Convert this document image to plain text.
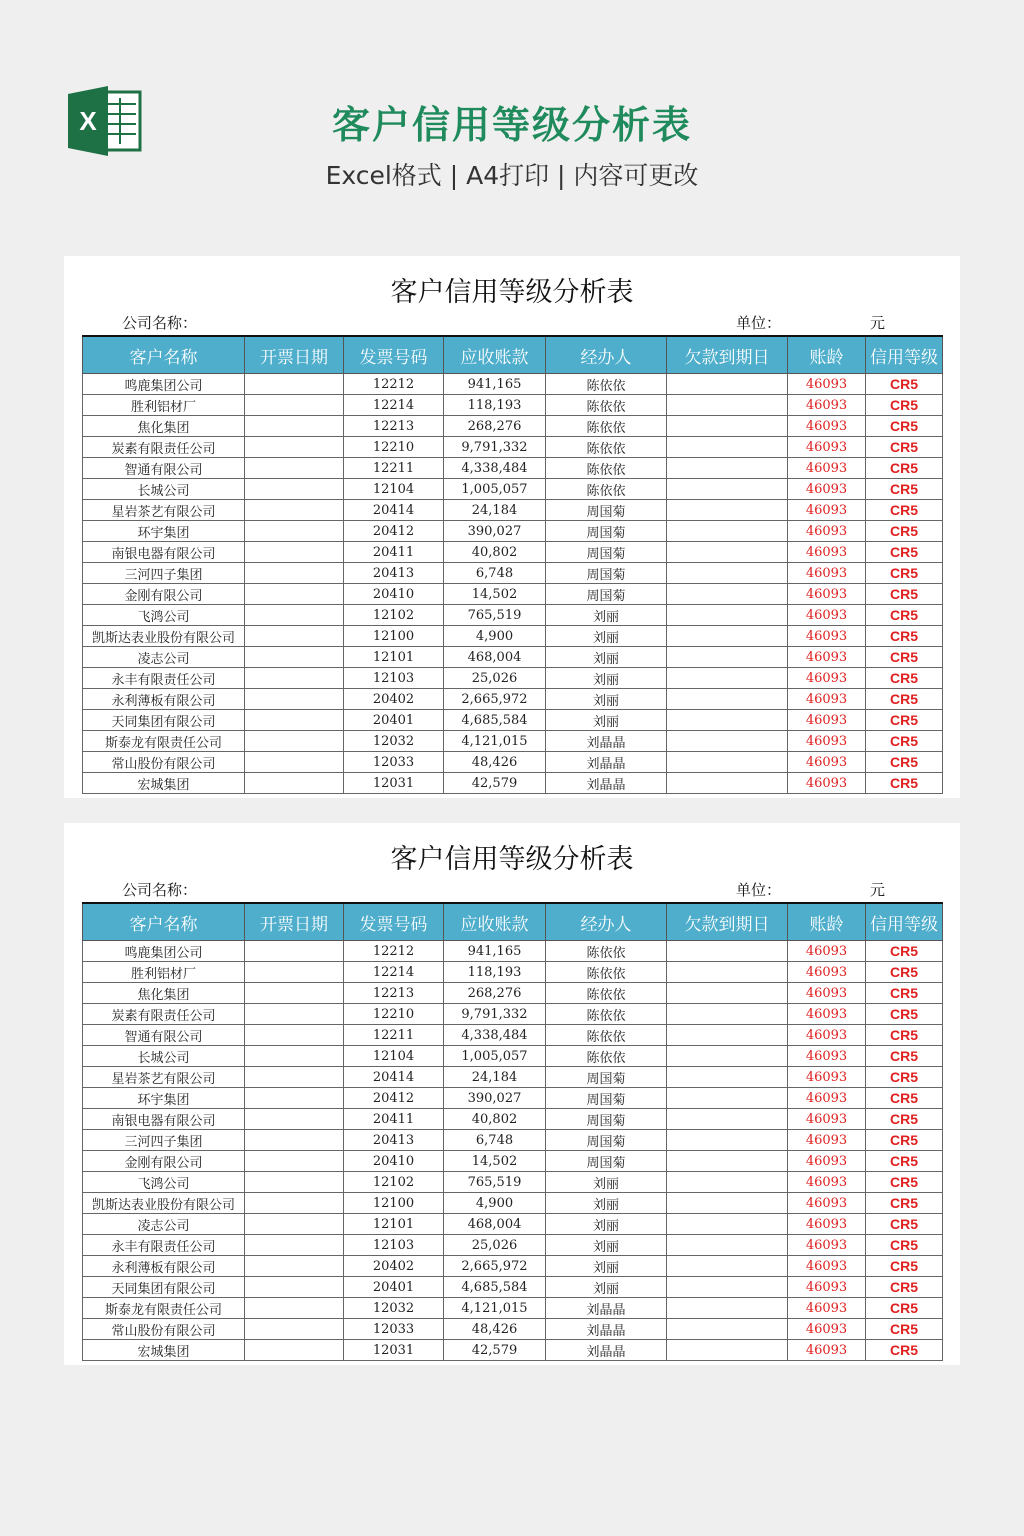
X	客户信用等级分析表
Excel格式 | A4打印 | 内容可更改
客户信用等级分析表
公司名称：	单位：	元
客户名称	开票日期	发票号码	应收账款	经办人	欠款到期日	账龄	信用等级
鸣鹿集团公司		12212	941,165	陈依依		46093	CR5
胜利铝材厂		12214	118,193	陈依依		46093	CR5
焦化集团		12213	268,276	陈依依		46093	CR5
炭素有限责任公司		12210	9,791,332	陈依依		46093	CR5
智通有限公司		12211	4,338,484	陈依依		46093	CR5
长城公司		12104	1,005,057	陈依依		46093	CR5
星岩茶艺有限公司		20414	24,184	周国菊		46093	CR5
环宇集团		20412	390,027	周国菊		46093	CR5
南银电器有限公司		20411	40,802	周国菊		46093	CR5
三河四子集团		20413	6,748	周国菊		46093	CR5
金刚有限公司		20410	14,502	周国菊		46093	CR5
飞鸿公司		12102	765,519	刘丽		46093	CR5
凯斯达表业股份有限公司		12100	4,900	刘丽		46093	CR5
凌志公司		12101	468,004	刘丽		46093	CR5
永丰有限责任公司		12103	25,026	刘丽		46093	CR5
永利薄板有限公司		20402	2,665,972	刘丽		46093	CR5
天同集团有限公司		20401	4,685,584	刘丽		46093	CR5
斯泰龙有限责任公司		12032	4,121,015	刘晶晶		46093	CR5
常山股份有限公司		12033	48,426	刘晶晶		46093	CR5
宏城集团		12031	42,579	刘晶晶		46093	CR5
客户信用等级分析表
公司名称：	单位：	元
客户名称	开票日期	发票号码	应收账款	经办人	欠款到期日	账龄	信用等级
鸣鹿集团公司		12212	941,165	陈依依		46093	CR5
胜利铝材厂		12214	118,193	陈依依		46093	CR5
焦化集团		12213	268,276	陈依依		46093	CR5
炭素有限责任公司		12210	9,791,332	陈依依		46093	CR5
智通有限公司		12211	4,338,484	陈依依		46093	CR5
长城公司		12104	1,005,057	陈依依		46093	CR5
星岩茶艺有限公司		20414	24,184	周国菊		46093	CR5
环宇集团		20412	390,027	周国菊		46093	CR5
南银电器有限公司		20411	40,802	周国菊		46093	CR5
三河四子集团		20413	6,748	周国菊		46093	CR5
金刚有限公司		20410	14,502	周国菊		46093	CR5
飞鸿公司		12102	765,519	刘丽		46093	CR5
凯斯达表业股份有限公司		12100	4,900	刘丽		46093	CR5
凌志公司		12101	468,004	刘丽		46093	CR5
永丰有限责任公司		12103	25,026	刘丽		46093	CR5
永利薄板有限公司		20402	2,665,972	刘丽		46093	CR5
天同集团有限公司		20401	4,685,584	刘丽		46093	CR5
斯泰龙有限责任公司		12032	4,121,015	刘晶晶		46093	CR5
常山股份有限公司		12033	48,426	刘晶晶		46093	CR5
宏城集团		12031	42,579	刘晶晶		46093	CR5
